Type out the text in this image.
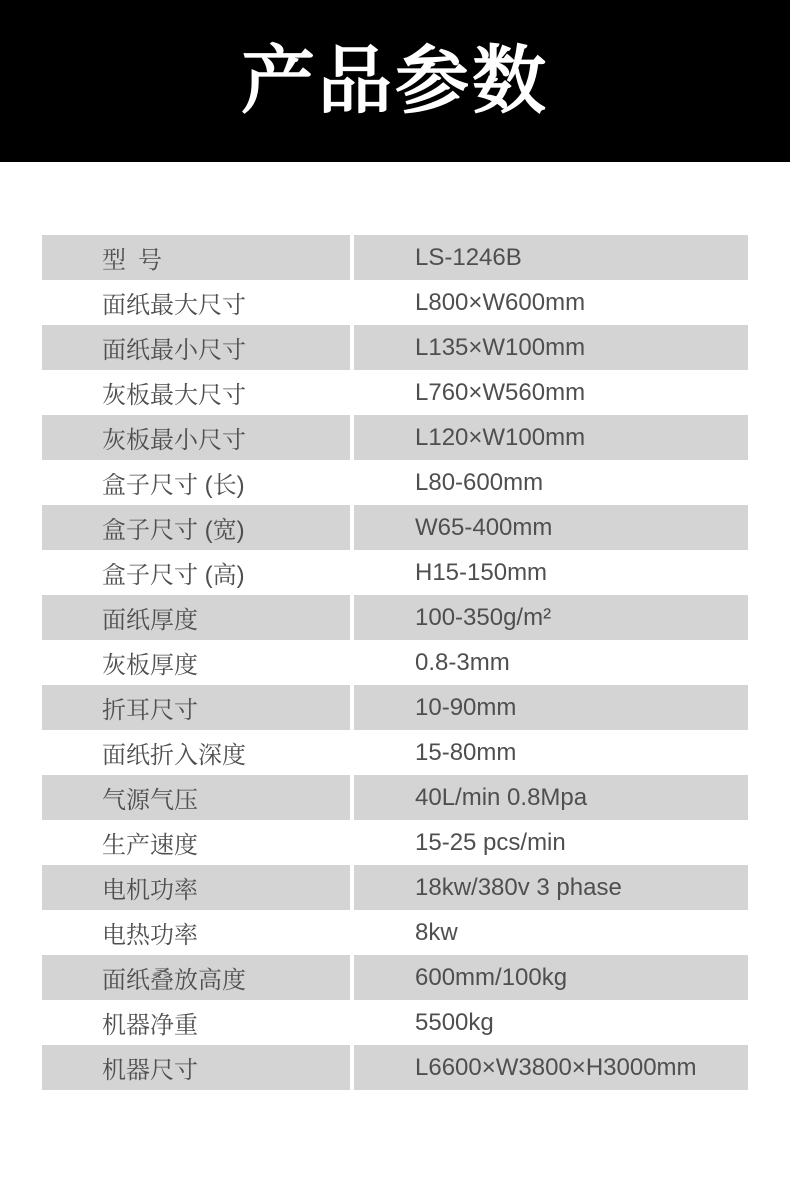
产品参数
型 号	LS-1246B
面纸最大尺寸	L800×W600mm
面纸最小尺寸	L135×W100mm
灰板最大尺寸	L760×W560mm
灰板最小尺寸	L120×W100mm
盒子尺寸 (长)	L80-600mm
盒子尺寸 (宽)	W65-400mm
盒子尺寸 (高)	H15-150mm
面纸厚度	100-350g/m²
灰板厚度	0.8-3mm
折耳尺寸	10-90mm
面纸折入深度	15-80mm
气源气压	40L/min 0.8Mpa
生产速度	15-25 pcs/min
电机功率	18kw/380v 3 phase
电热功率	8kw
面纸叠放高度	600mm/100kg
机器净重	5500kg
机器尺寸	L6600×W3800×H3000mm
